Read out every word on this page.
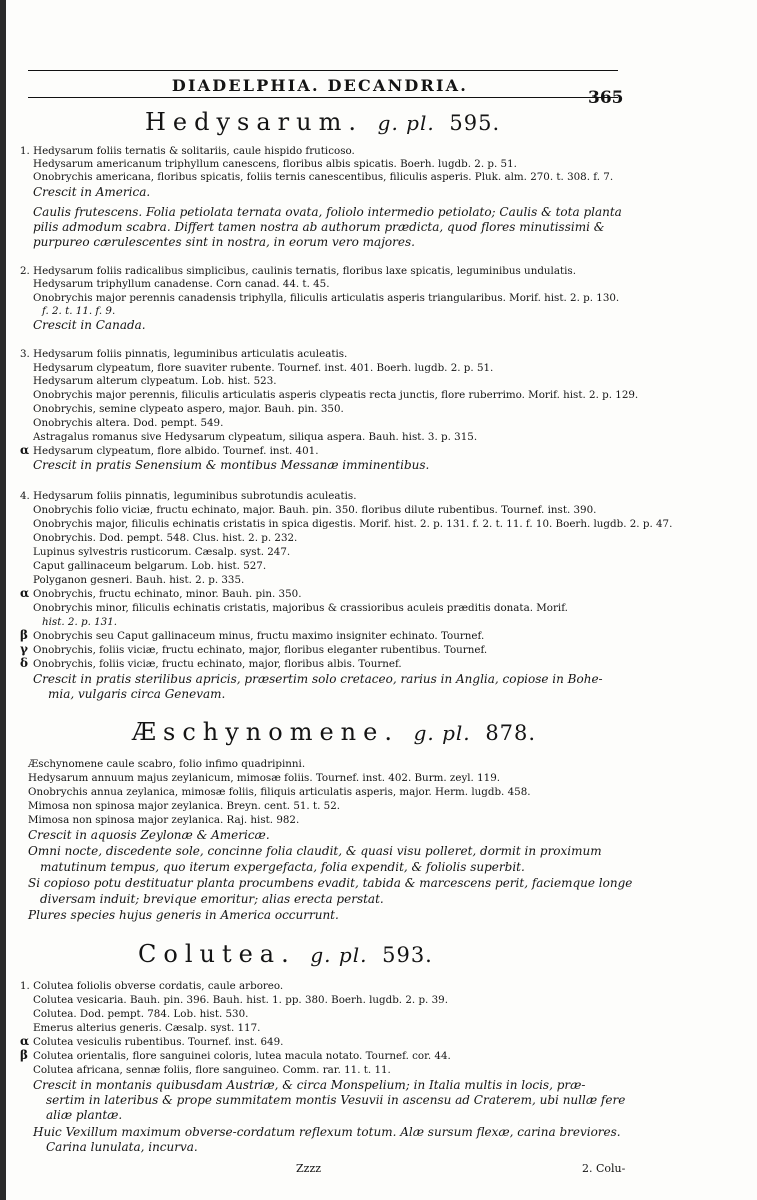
DIADELPHIA. DECANDRIA.
365
Hedysarum. g. pl. 595.
1. Hedysarum foliis ternatis & solitariis, caule hispido fruticoso.
Hedysarum americanum triphyllum canescens, floribus albis spicatis. Boerh. lugdb. 2. p. 51.
Onobrychis americana, floribus spicatis, foliis ternis canescentibus, filiculis asperis. Pluk. alm. 270. t. 308. f. 7.
Crescit in America.
Caulis frutescens. Folia petiolata ternata ovata, foliolo intermedio petiolato; Caulis & tota planta
pilis admodum scabra. Differt tamen nostra ab authorum prædicta, quod flores minutissimi &
purpureo cærulescentes sint in nostra, in eorum vero majores.
2. Hedysarum foliis radicalibus simplicibus, caulinis ternatis, floribus laxe spicatis, leguminibus undulatis.
Hedysarum triphyllum canadense. Corn canad. 44. t. 45.
Onobrychis major perennis canadensis triphylla, filiculis articulatis asperis triangularibus. Morif. hist. 2. p. 130.
f. 2. t. 11. f. 9.
Crescit in Canada.
3. Hedysarum foliis pinnatis, leguminibus articulatis aculeatis.
Hedysarum clypeatum, flore suaviter rubente. Tournef. inst. 401. Boerh. lugdb. 2. p. 51.
Hedysarum alterum clypeatum. Lob. hist. 523.
Onobrychis major perennis, filiculis articulatis asperis clypeatis recta junctis, flore ruberrimo. Morif. hist. 2. p. 129.
Onobrychis, semine clypeato aspero, major. Bauh. pin. 350.
Onobrychis altera. Dod. pempt. 549.
Astragalus romanus sive Hedysarum clypeatum, siliqua aspera. Bauh. hist. 3. p. 315.
α Hedysarum clypeatum, flore albido. Tournef. inst. 401.
Crescit in pratis Senensium & montibus Messanæ imminentibus.
4. Hedysarum foliis pinnatis, leguminibus subrotundis aculeatis.
Onobrychis folio viciæ, fructu echinato, major. Bauh. pin. 350. floribus dilute rubentibus. Tournef. inst. 390.
Onobrychis major, filiculis echinatis cristatis in spica digestis. Morif. hist. 2. p. 131. f. 2. t. 11. f. 10. Boerh. lugdb. 2. p. 47.
Onobrychis. Dod. pempt. 548. Clus. hist. 2. p. 232.
Lupinus sylvestris rusticorum. Cæsalp. syst. 247.
Caput gallinaceum belgarum. Lob. hist. 527.
Polyganon gesneri. Bauh. hist. 2. p. 335.
α Onobrychis, fructu echinato, minor. Bauh. pin. 350.
Onobrychis minor, filiculis echinatis cristatis, majoribus & crassioribus aculeis præditis donata. Morif.
hist. 2. p. 131.
β Onobrychis seu Caput gallinaceum minus, fructu maximo insigniter echinato. Tournef.
γ Onobrychis, foliis viciæ, fructu echinato, major, floribus eleganter rubentibus. Tournef.
δ Onobrychis, foliis viciæ, fructu echinato, major, floribus albis. Tournef.
Crescit in pratis sterilibus apricis, præsertim solo cretaceo, rarius in Anglia, copiose in Bohe-
mia, vulgaris circa Genevam.
Æschynomene. g. pl. 878.
Æschynomene caule scabro, folio infimo quadripinni.
Hedysarum annuum majus zeylanicum, mimosæ foliis. Tournef. inst. 402. Burm. zeyl. 119.
Onobrychis annua zeylanica, mimosæ foliis, filiquis articulatis asperis, major. Herm. lugdb. 458.
Mimosa non spinosa major zeylanica. Breyn. cent. 51. t. 52.
Mimosa non spinosa major zeylanica. Raj. hist. 982.
Crescit in aquosis Zeylonæ & Americæ.
Omni nocte, discedente sole, concinne folia claudit, & quasi visu polleret, dormit in proximum
matutinum tempus, quo iterum expergefacta, folia expendit, & foliolis superbit.
Si copioso potu destituatur planta procumbens evadit, tabida & marcescens perit, faciemque longe
diversam induit; brevique emoritur; alias erecta perstat.
Plures species hujus generis in America occurrunt.
Colutea. g. pl. 593.
1. Colutea foliolis obverse cordatis, caule arboreo.
Colutea vesicaria. Bauh. pin. 396. Bauh. hist. 1. pp. 380. Boerh. lugdb. 2. p. 39.
Colutea. Dod. pempt. 784. Lob. hist. 530.
Emerus alterius generis. Cæsalp. syst. 117.
α Colutea vesiculis rubentibus. Tournef. inst. 649.
β Colutea orientalis, flore sanguinei coloris, lutea macula notato. Tournef. cor. 44.
Colutea africana, sennæ foliis, flore sanguineo. Comm. rar. 11. t. 11.
Crescit in montanis quibusdam Austriæ, & circa Monspelium; in Italia multis in locis, præ-
sertim in lateribus & prope summitatem montis Vesuvii in ascensu ad Craterem, ubi nullæ fere
aliæ plantæ.
Huic Vexillum maximum obverse-cordatum reflexum totum. Alæ sursum flexæ, carina breviores.
Carina lunulata, incurva.
Zzzz	2. Colu-
